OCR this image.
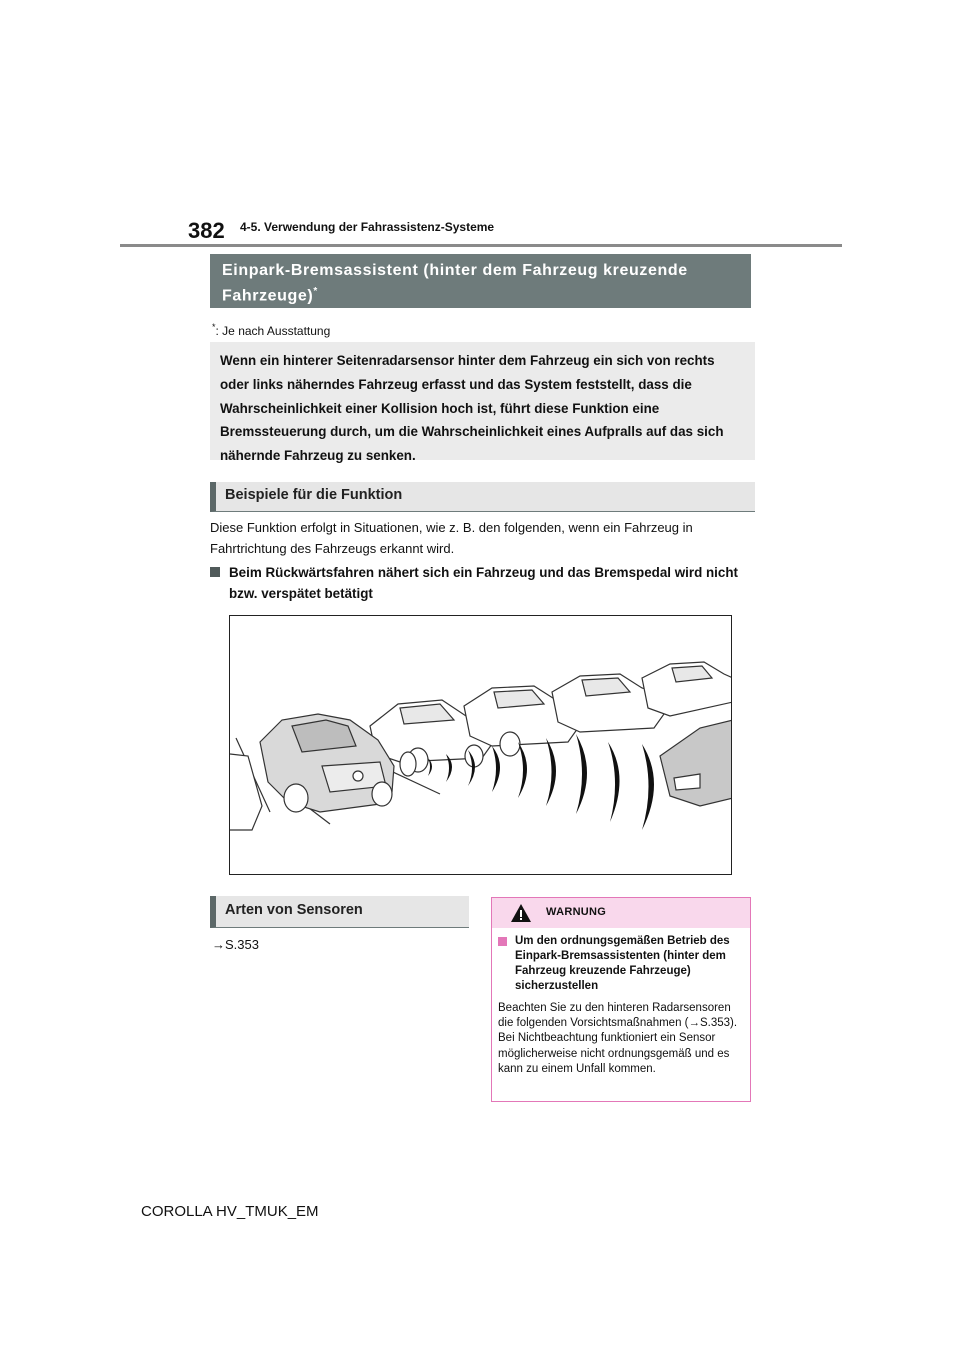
382 4-5. Verwendung der Fahrassistenz-Systeme
Einpark-Bremsassistent (hinter dem Fahrzeug kreuzende Fahrzeuge)*
*: Je nach Ausstattung
Wenn ein hinterer Seitenradarsensor hinter dem Fahrzeug ein sich von rechts oder links näherndes Fahrzeug erfasst und das System feststellt, dass die Wahrscheinlichkeit einer Kollision hoch ist, führt diese Funktion eine Bremssteuerung durch, um die Wahrscheinlichkeit eines Aufpralls auf das sich nähernde Fahrzeug zu senken.
Beispiele für die Funktion
Diese Funktion erfolgt in Situationen, wie z. B. den folgenden, wenn ein Fahrzeug in Fahrtrichtung des Fahrzeugs erkannt wird.
Beim Rückwärtsfahren nähert sich ein Fahrzeug und das Bremspedal wird nicht bzw. verspätet betätigt
Arten von Sensoren
→S.353
WARNUNG
Um den ordnungsgemäßen Betrieb des Einpark-Bremsassistenten (hinter dem Fahrzeug kreuzende Fahrzeuge) sicherzustellen
Beachten Sie zu den hinteren Radarsensoren die folgenden Vorsichtsmaßnahmen (→S.353). Bei Nichtbeachtung funktioniert ein Sensor möglicherweise nicht ordnungsgemäß und es kann zu einem Unfall kommen.
COROLLA HV_TMUK_EM
